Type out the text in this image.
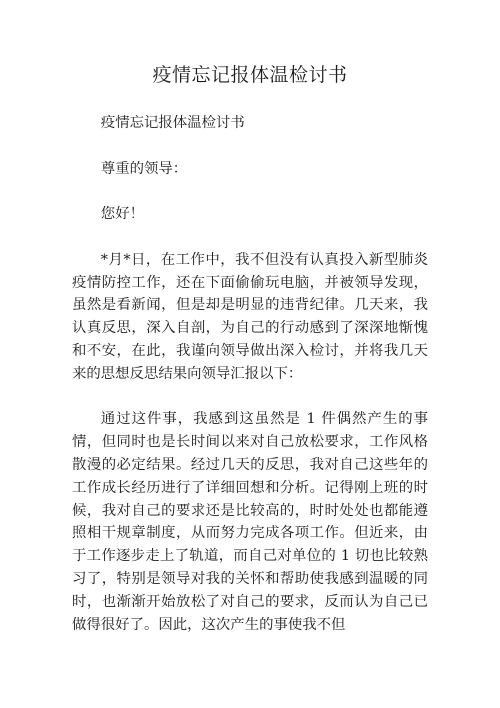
疫情忘记报体温检讨书
疫情忘记报体温检讨书
尊重的领导：
您好！

*月*日，在工作中，我不但没有认真投入新型肺炎疫情防控工作，还在下面偷偷玩电脑，并被领导发现，虽然是看新闻，但是却是明显的违背纪律。几天来，我认真反思，深入自剖，为自己的行动感到了深深地惭愧和不安，在此，我谨向领导做出深入检讨，并将我几天来的思想反思结果向领导汇报以下：

通过这件事，我感到这虽然是 1 件偶然产生的事情，但同时也是长时间以来对自己放松要求，工作风格散漫的必定结果。经过几天的反思，我对自己这些年的工作成长经历进行了详细回想和分析。记得刚上班的时候，我对自己的要求还是比较高的，时时处处也都能遵照相干规章制度，从而努力完成各项工作。但近来，由于工作逐步走上了轨道，而自己对单位的 1 切也比较熟习了，特别是领导对我的关怀和帮助使我感到温暖的同时，也渐渐开始放松了对自己的要求，反而认为自己已做得很好了。因此，这次产生的事使我不但
